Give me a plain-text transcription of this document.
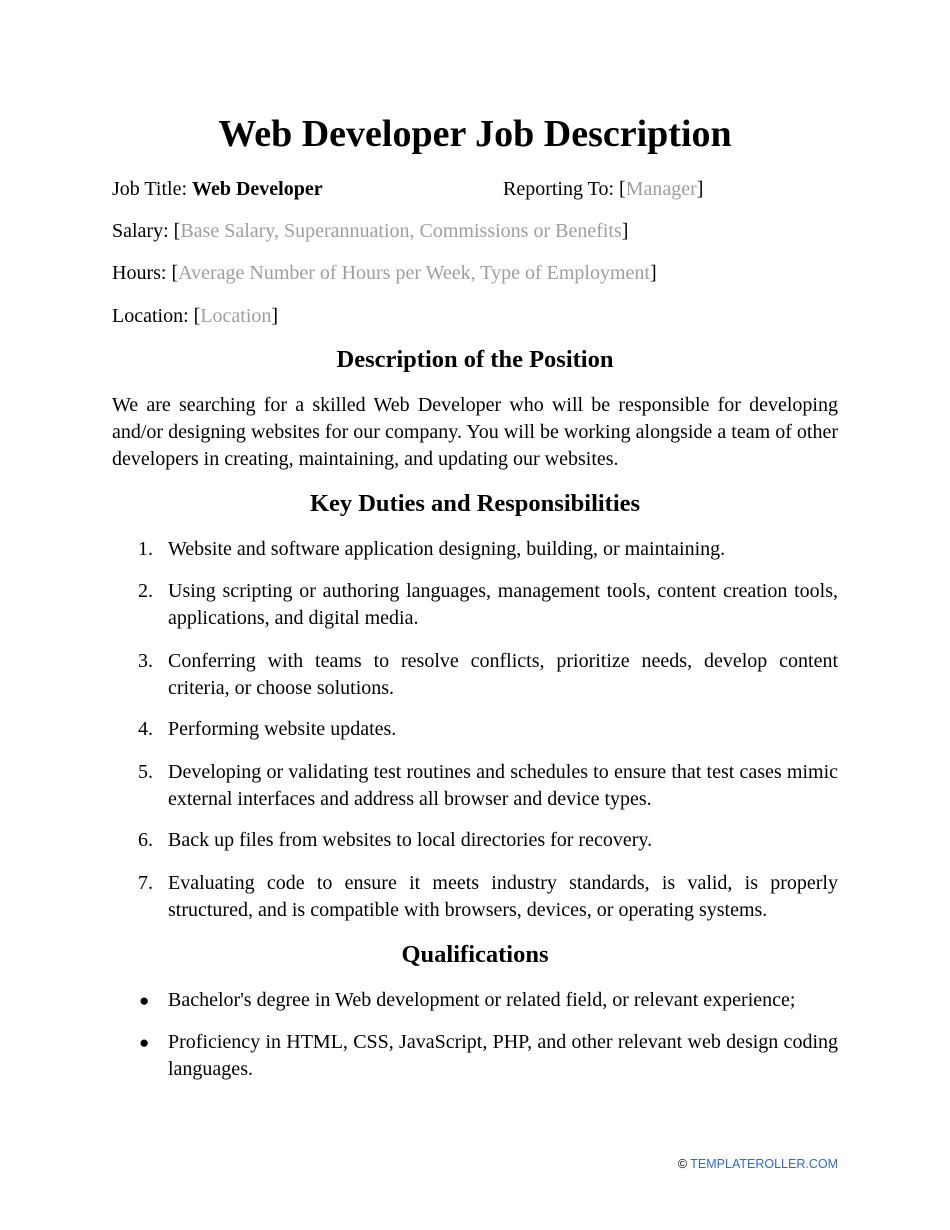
Web Developer Job Description
Job Title: Web Developer	Reporting To: [Manager]
Salary: [Base Salary, Superannuation, Commissions or Benefits]
Hours: [Average Number of Hours per Week, Type of Employment]
Location: [Location]
Description of the Position

We are searching for a skilled Web Developer who will be responsible for developing and/or designing websites for our company. You will be working alongside a team of other developers in creating, maintaining, and updating our websites.

Key Duties and Responsibilities
1. Website and software application designing, building, or maintaining.
2. Using scripting or authoring languages, management tools, content creation tools, applications, and digital media.
3. Conferring with teams to resolve conflicts, prioritize needs, develop content criteria, or choose solutions.
4. Performing website updates.
5. Developing or validating test routines and schedules to ensure that test cases mimic external interfaces and address all browser and device types.
6. Back up files from websites to local directories for recovery.
7. Evaluating code to ensure it meets industry standards, is valid, is properly structured, and is compatible with browsers, devices, or operating systems.
Qualifications
● Bachelor's degree in Web development or related field, or relevant experience;
● Proficiency in HTML, CSS, JavaScript, PHP, and other relevant web design coding languages.
© TEMPLATEROLLER.COM
